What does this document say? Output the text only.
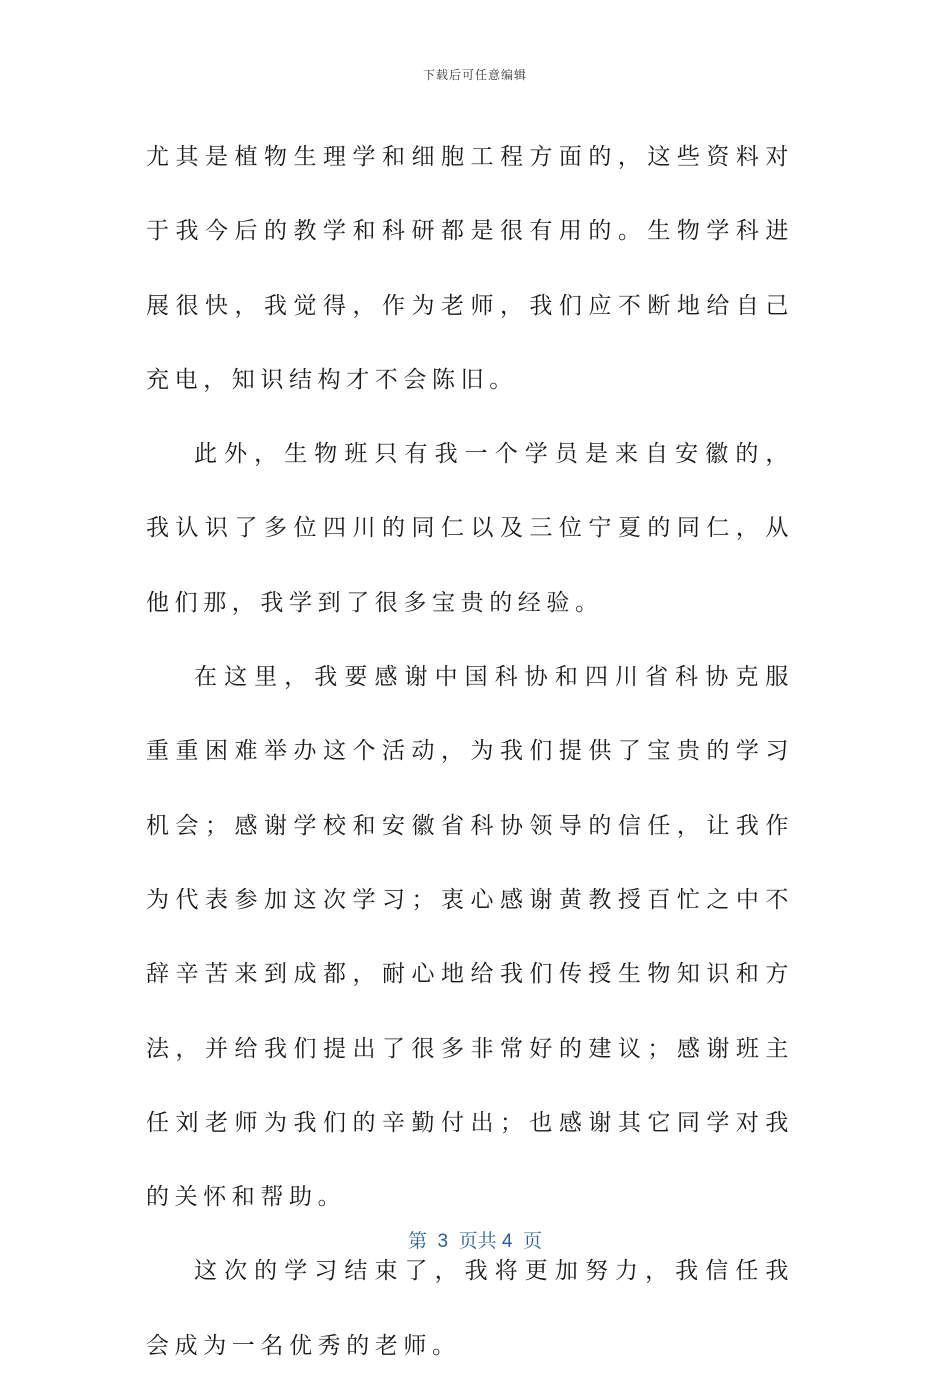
下载后可任意编辑

尤其是植物生理学和细胞工程方面的，这些资料对于我今后的教学和科研都是很有用的。生物学科进展很快，我觉得，作为老师，我们应不断地给自己充电，知识结构才不会陈旧。

此外，生物班只有我一个学员是来自安徽的，我认识了多位四川的同仁以及三位宁夏的同仁，从他们那，我学到了很多宝贵的经验。

在这里，我要感谢中国科协和四川省科协克服重重困难举办这个活动，为我们提供了宝贵的学习机会；感谢学校和安徽省科协领导的信任，让我作为代表参加这次学习；衷心感谢黄教授百忙之中不辞辛苦来到成都，耐心地给我们传授生物知识和方法，并给我们提出了很多非常好的建议；感谢班主任刘老师为我们的辛勤付出；也感谢其它同学对我的关怀和帮助。

这次的学习结束了，我将更加努力，我信任我会成为一名优秀的老师。

第  3  页共 4  页
